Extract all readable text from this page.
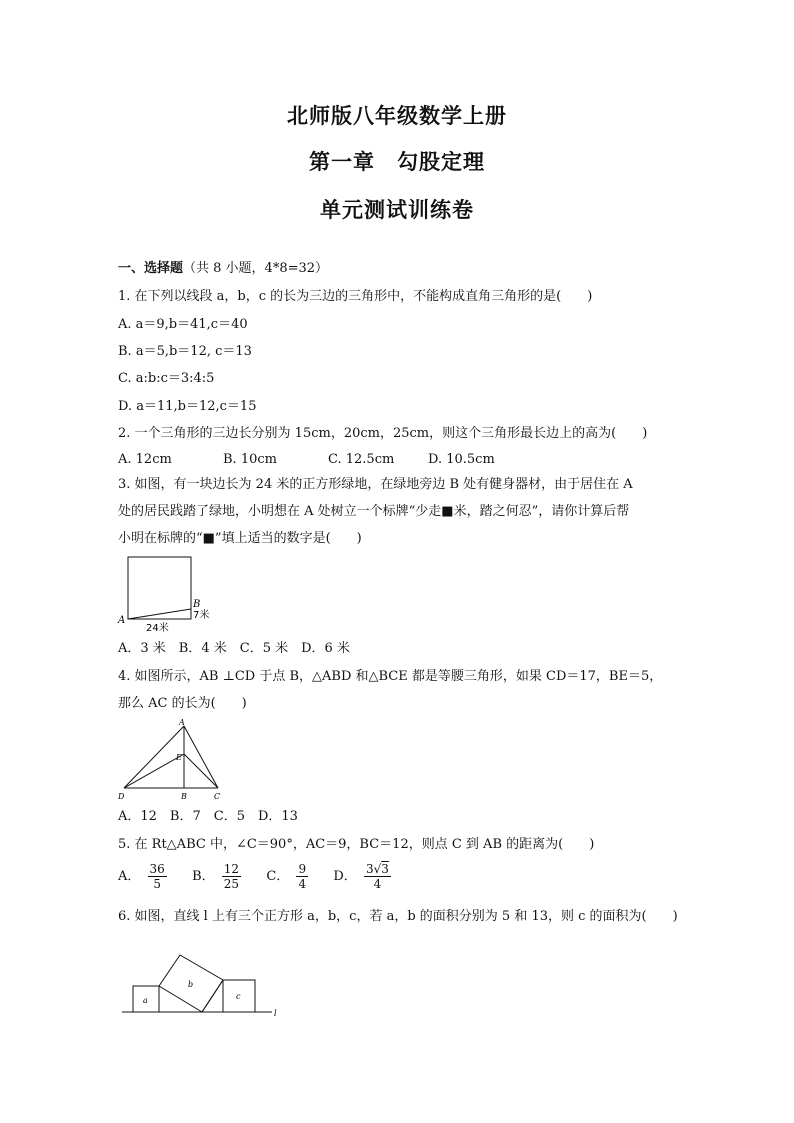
北师版八年级数学上册
第一章　勾股定理
单元测试训练卷
一、选择题（共 8 小题，4*8=32）
1. 在下列以线段 a，b，c 的长为三边的三角形中，不能构成直角三角形的是(　　)
A. a＝9,b＝41,c＝40
B. a＝5,b＝12, c＝13
C. a:b:c＝3:4:5
D. a＝11,b＝12,c＝15
2. 一个三角形的三边长分别为 15cm，20cm，25cm，则这个三角形最长边上的高为(　　)
A. 12cm	B. 10cm	C. 12.5cm	D. 10.5cm
3. 如图，有一块边长为 24 米的正方形绿地，在绿地旁边 B 处有健身器材，由于居住在 A
处的居民践踏了绿地，小明想在 A 处树立一个标牌“少走■米，踏之何忍”，请你计算后帮
小明在标牌的“■”填上适当的数字是(　　)
A
B
7米
24米
A．3 米　B．4 米　C．5 米　D．6 米
4. 如图所示，AB ⊥CD 于点 B，△ABD 和△BCE 都是等腰三角形，如果 CD＝17，BE＝5，
那么 AC 的长为(　　)
A
E
D	B	C
A．12　B．7　C．5　D．13
5. 在 Rt△ABC 中，∠C＝90°，AC＝9，BC＝12，则点 C 到 AB 的距离为(　　)
A． $\frac{36}{5}$ B． $\frac{12}{25}$ C． $\frac{9}{4}$ D． $\frac{3√3}{4}$
6. 如图，直线 l 上有三个正方形 a，b，c，若 a，b 的面积分别为 5 和 13，则 c 的面积为(　　)
a
b
c
l
